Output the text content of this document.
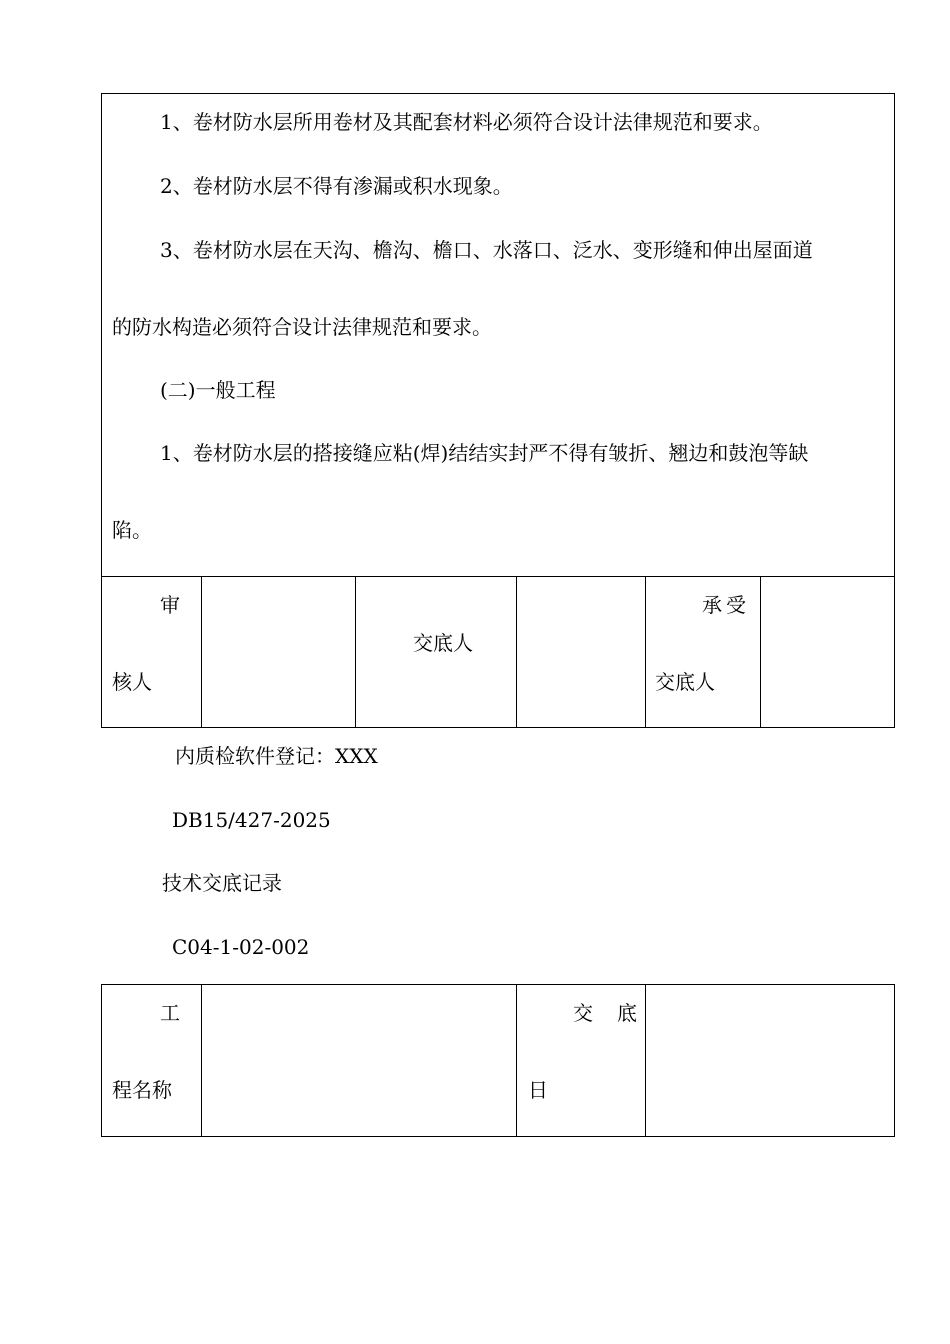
1、卷材防水层所用卷材及其配套材料必须符合设计法律规范和要求。
2、卷材防水层不得有渗漏或积水现象。
3、卷材防水层在天沟、檐沟、檐口、水落口、泛水、变形缝和伸出屋面道
的防水构造必须符合设计法律规范和要求。
(二)一般工程
1、卷材防水层的搭接缝应粘(焊)结结实封严不得有皱折、翘边和鼓泡等缺
陷。
审
核人
交底人
承受
交底人
内质检软件登记：XXX
DB15/427-2025
技术交底记录
C04-1-02-002
工
程名称
交　底
日
